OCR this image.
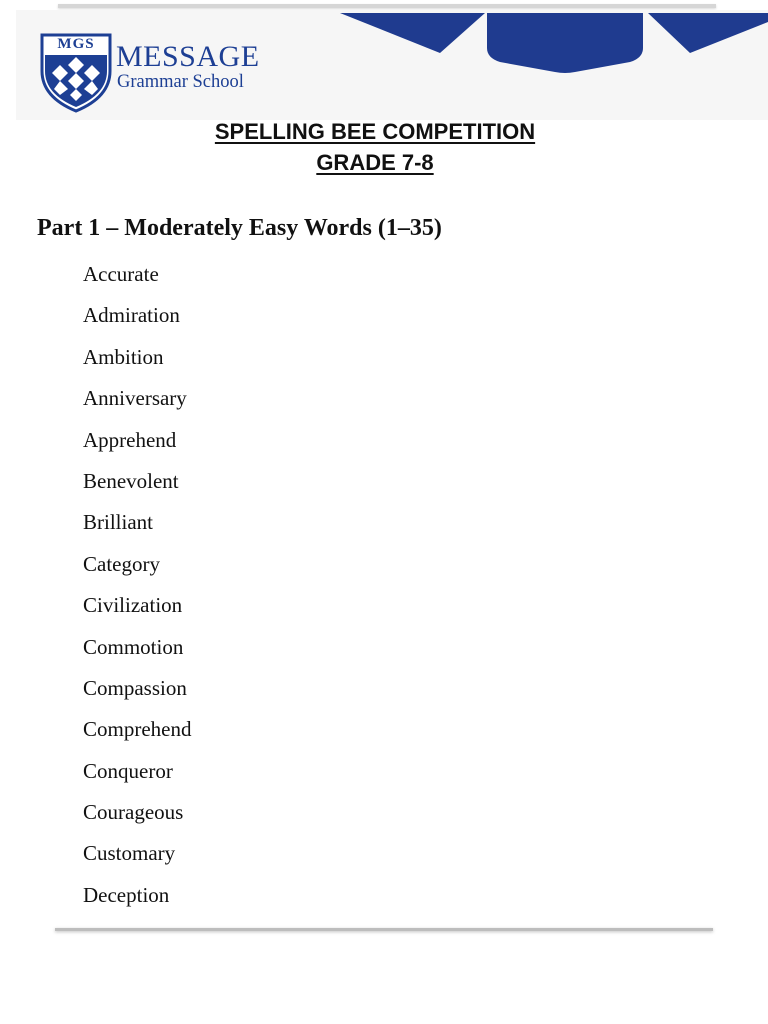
MGS MESSAGE
Grammar School
SPELLING BEE COMPETITION
GRADE 7-8
Part 1 – Moderately Easy Words (1–35)
Accurate
Admiration
Ambition
Anniversary
Apprehend
Benevolent
Brilliant
Category
Civilization
Commotion
Compassion
Comprehend
Conqueror
Courageous
Customary
Deception
